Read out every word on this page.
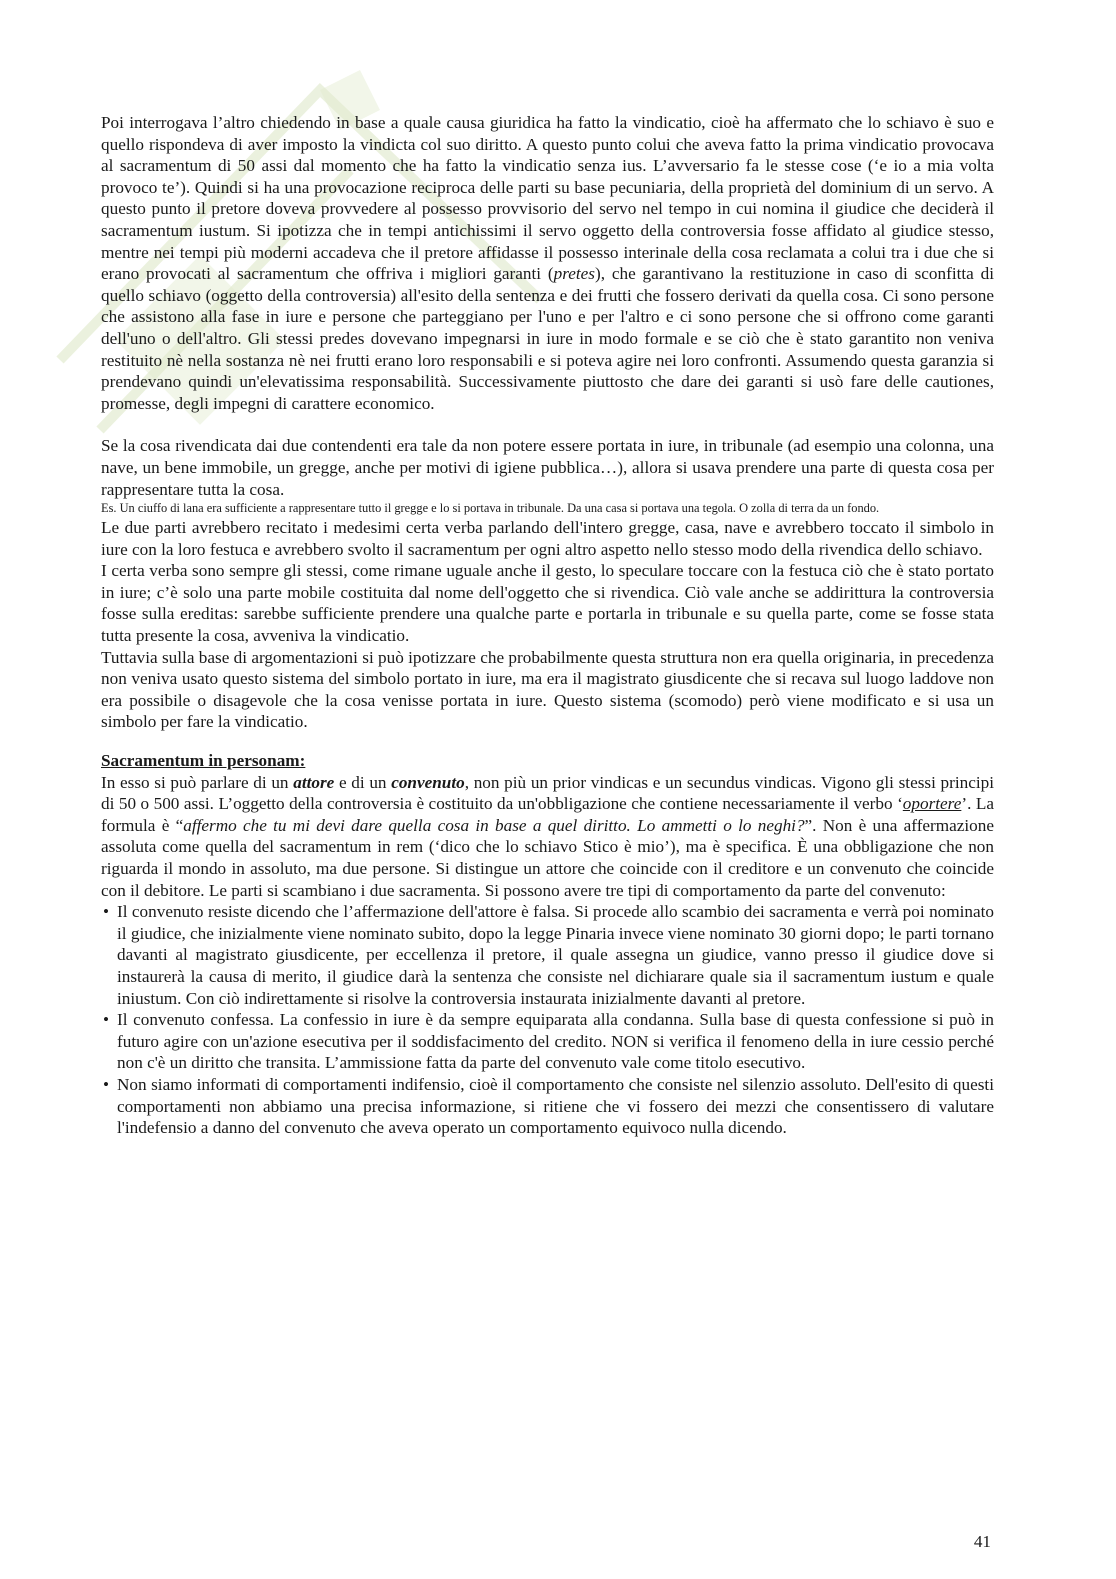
Poi interrogava l’altro chiedendo in base a quale causa giuridica ha fatto la vindicatio, cioè ha affermato che lo schiavo è suo e quello rispondeva di aver imposto la vindicta col suo diritto. A questo punto colui che aveva fatto la prima vindicatio provocava al sacramentum di 50 assi dal momento che ha fatto la vindicatio senza ius. L’avversario fa le stesse cose (‘e io a mia volta provoco te’). Quindi si ha una provocazione reciproca delle parti su base pecuniaria, della proprietà del dominium di un servo. A questo punto il pretore doveva provvedere al possesso provvisorio del servo nel tempo in cui nomina il giudice che deciderà il sacramentum iustum. Si ipotizza che in tempi antichissimi il servo oggetto della controversia fosse affidato al giudice stesso, mentre nei tempi più moderni accadeva che il pretore affidasse il possesso interinale della cosa reclamata a colui tra i due che si erano provocati al sacramentum che offriva i migliori garanti (pretes), che garantivano la restituzione in caso di sconfitta di quello schiavo (oggetto della controversia) all'esito della sentenza e dei frutti che fossero derivati da quella cosa. Ci sono persone che assistono alla fase in iure e persone che parteggiano per l'uno e per l'altro e ci sono persone che si offrono come garanti dell'uno o dell'altro. Gli stessi predes dovevano impegnarsi in iure in modo formale e se ciò che è stato garantito non veniva restituito nè nella sostanza nè nei frutti erano loro responsabili e si poteva agire nei loro confronti. Assumendo questa garanzia si prendevano quindi un'elevatissima responsabilità. Successivamente piuttosto che dare dei garanti si usò fare delle cautiones, promesse, degli impegni di carattere economico.

Se la cosa rivendicata dai due contendenti era tale da non potere essere portata in iure, in tribunale (ad esempio una colonna, una nave, un bene immobile, un gregge, anche per motivi di igiene pubblica…), allora si usava prendere una parte di questa cosa per rappresentare tutta la cosa.

Es. Un ciuffo di lana era sufficiente a rappresentare tutto il gregge e lo si portava in tribunale. Da una casa si portava una tegola. O zolla di terra da un fondo.

Le due parti avrebbero recitato i medesimi certa verba parlando dell'intero gregge, casa, nave e avrebbero toccato il simbolo in iure con la loro festuca e avrebbero svolto il sacramentum per ogni altro aspetto nello stesso modo della rivendica dello schiavo.

I certa verba sono sempre gli stessi, come rimane uguale anche il gesto, lo speculare toccare con la festuca ciò che è stato portato in iure; c’è solo una parte mobile costituita dal nome dell'oggetto che si rivendica. Ciò vale anche se addirittura la controversia fosse sulla ereditas: sarebbe sufficiente prendere una qualche parte e portarla in tribunale e su quella parte, come se fosse stata tutta presente la cosa, avveniva la vindicatio.

Tuttavia sulla base di argomentazioni si può ipotizzare che probabilmente questa struttura non era quella originaria, in precedenza non veniva usato questo sistema del simbolo portato in iure, ma era il magistrato giusdicente che si recava sul luogo laddove non era possibile o disagevole che la cosa venisse portata in iure. Questo sistema (scomodo) però viene modificato e si usa un simbolo per fare la vindicatio.

Sacramentum in personam:

In esso si può parlare di un attore e di un convenuto, non più un prior vindicas e un secundus vindicas. Vigono gli stessi principi di 50 o 500 assi. L’oggetto della controversia è costituito da un'obbligazione che contiene necessariamente il verbo ‘oportere’. La formula è “affermo che tu mi devi dare quella cosa in base a quel diritto. Lo ammetti o lo neghi?”. Non è una affermazione assoluta come quella del sacramentum in rem (‘dico che lo schiavo Stico è mio’), ma è specifica. È una obbligazione che non riguarda il mondo in assoluto, ma due persone. Si distingue un attore che coincide con il creditore e un convenuto che coincide con il debitore. Le parti si scambiano i due sacramenta. Si possono avere tre tipi di comportamento da parte del convenuto:

• Il convenuto resiste dicendo che l’affermazione dell'attore è falsa. Si procede allo scambio dei sacramenta e verrà poi nominato il giudice, che inizialmente viene nominato subito, dopo la legge Pinaria invece viene nominato 30 giorni dopo; le parti tornano davanti al magistrato giusdicente, per eccellenza il pretore, il quale assegna un giudice, vanno presso il giudice dove si instaurerà la causa di merito, il giudice darà la sentenza che consiste nel dichiarare quale sia il sacramentum iustum e quale iniustum. Con ciò indirettamente si risolve la controversia instaurata inizialmente davanti al pretore.
• Il convenuto confessa. La confessio in iure è da sempre equiparata alla condanna. Sulla base di questa confessione si può in futuro agire con un'azione esecutiva per il soddisfacimento del credito. NON si verifica il fenomeno della in iure cessio perché non c'è un diritto che transita. L’ammissione fatta da parte del convenuto vale come titolo esecutivo.
• Non siamo informati di comportamenti indifensio, cioè il comportamento che consiste nel silenzio assoluto. Dell'esito di questi comportamenti non abbiamo una precisa informazione, si ritiene che vi fossero dei mezzi che consentissero di valutare l'indefensio a danno del convenuto che aveva operato un comportamento equivoco nulla dicendo.
41
